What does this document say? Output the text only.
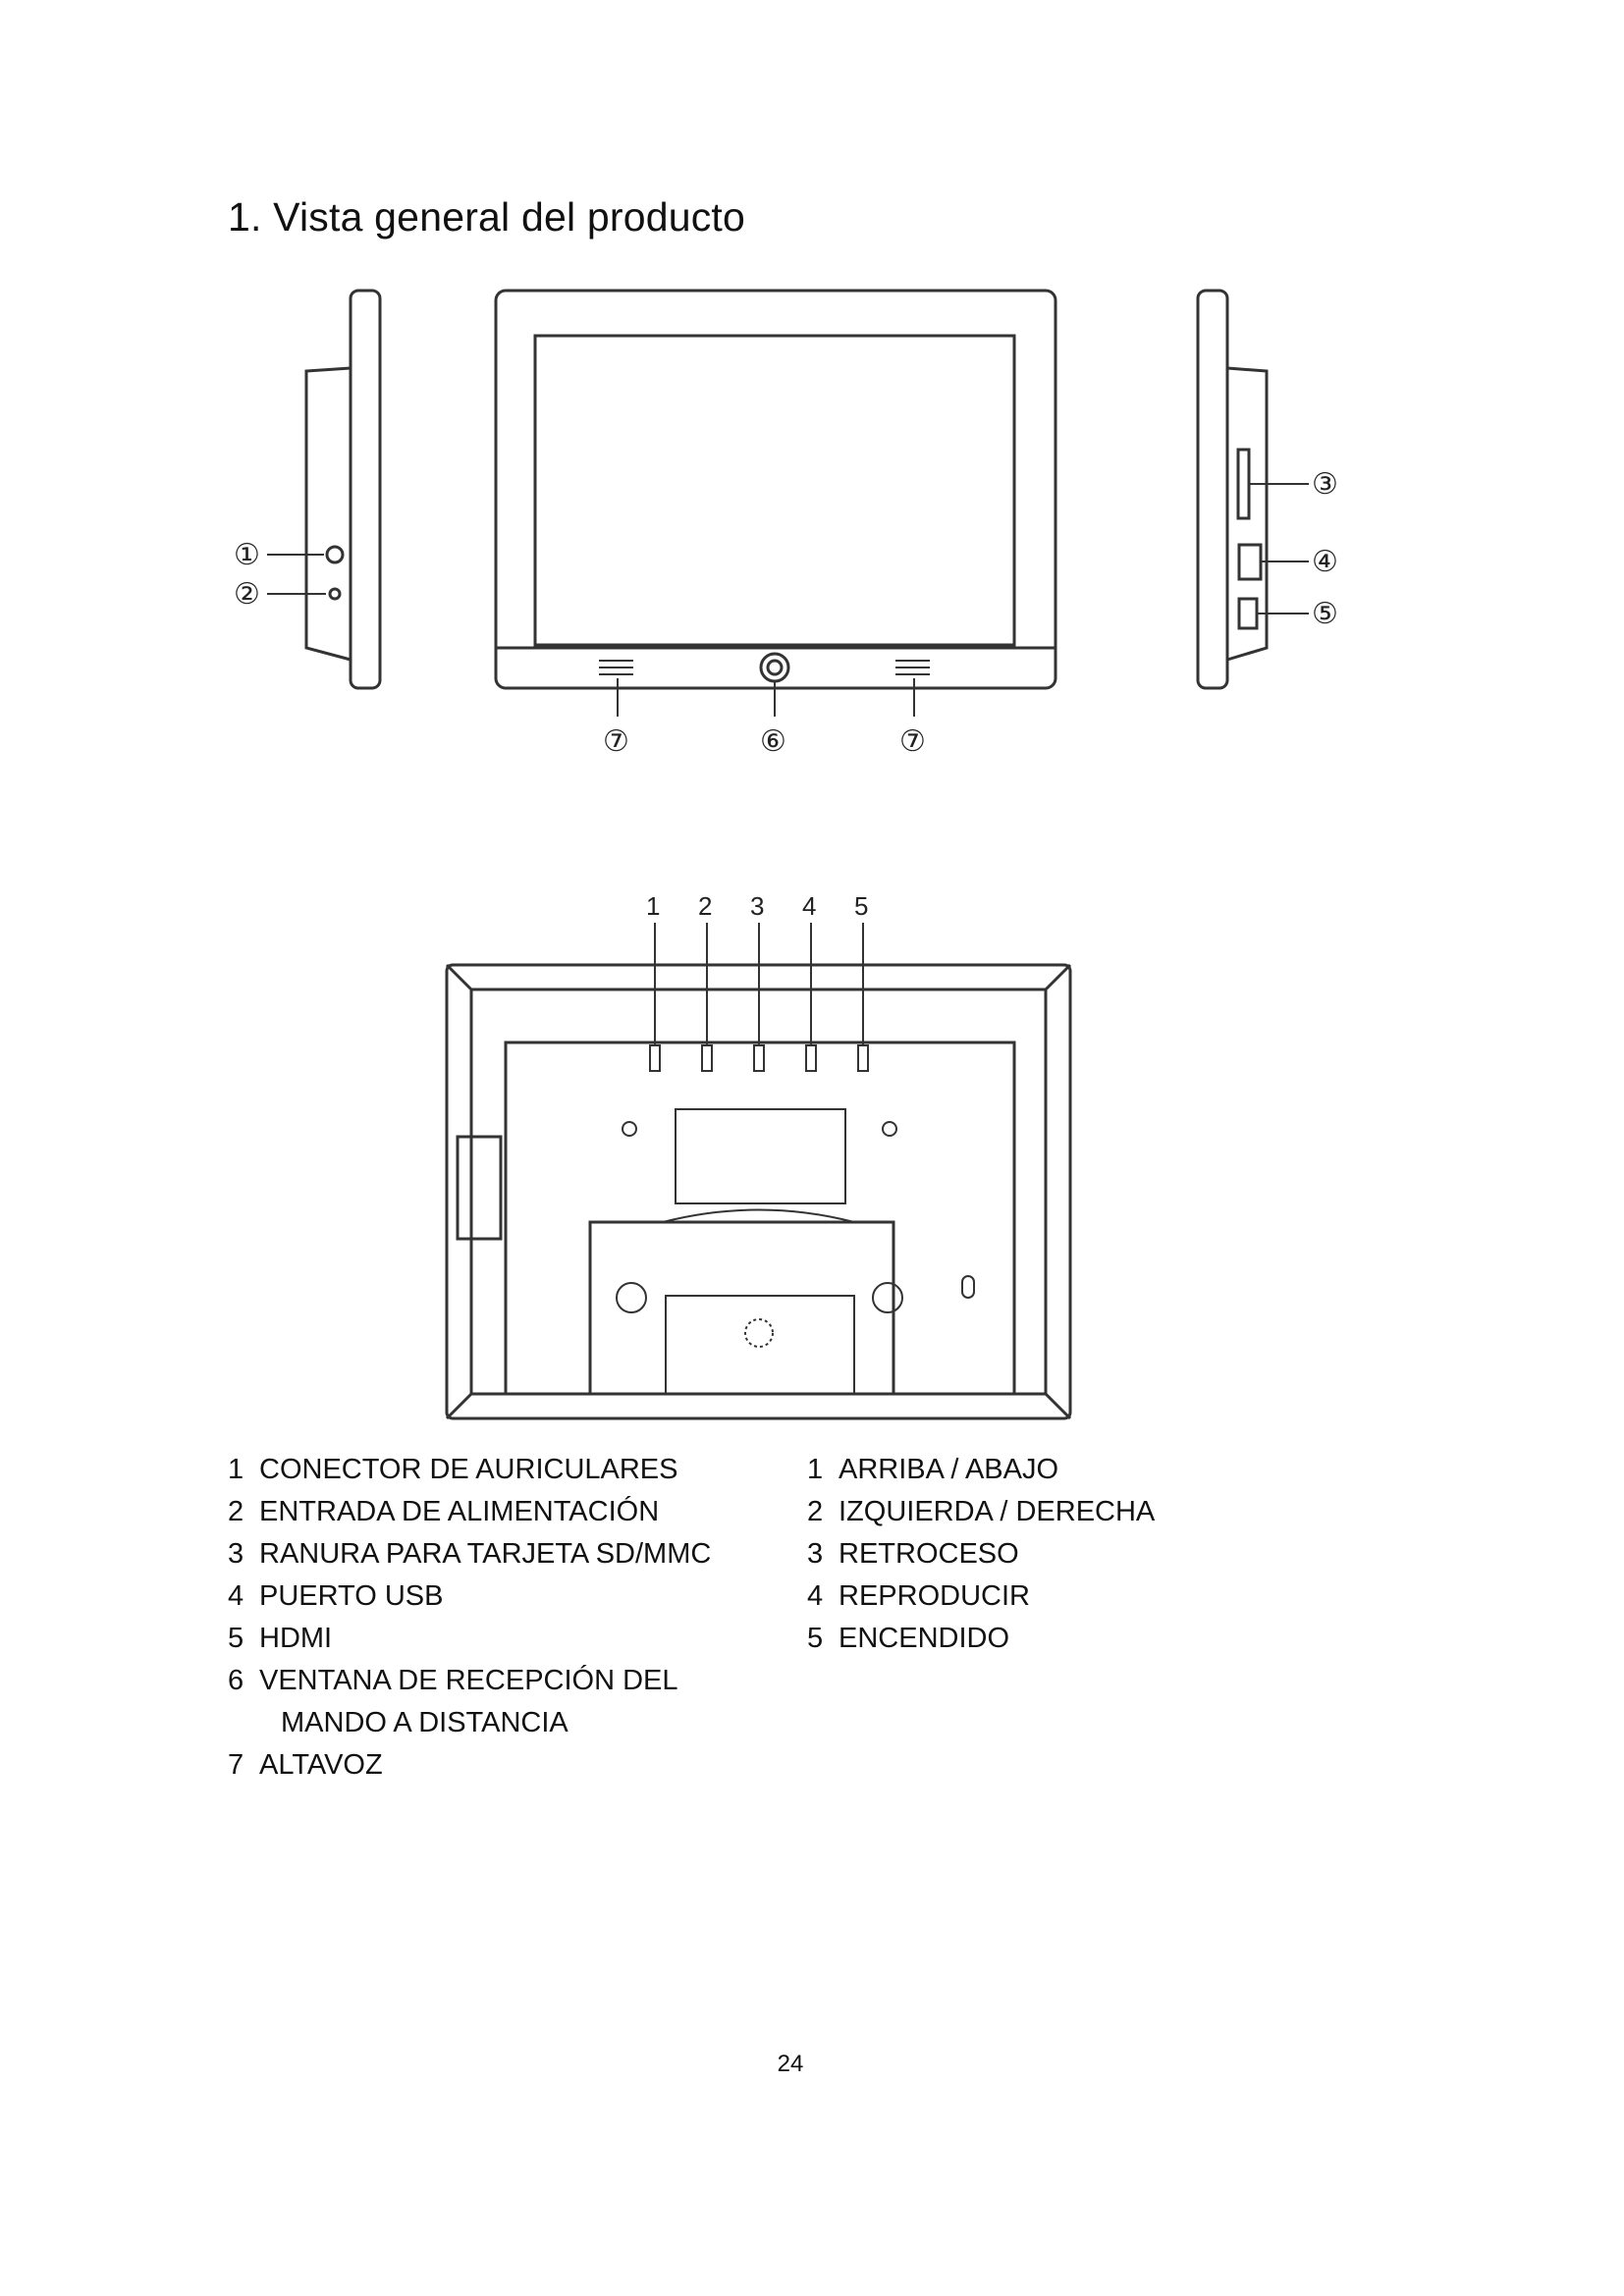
1. Vista general del producto
①
②
③
④
⑤
⑥
⑦	⑦
1 2 3 4 5
1 CONECTOR DE AURICULARES
2 ENTRADA DE ALIMENTACIÓN
3 RANURA PARA TARJETA SD/MMC
4 PUERTO USB
5 HDMI
6 VENTANA DE RECEPCIÓN DEL
MANDO A DISTANCIA
7 ALTAVOZ
1 ARRIBA / ABAJO
2 IZQUIERDA / DERECHA
3 RETROCESO
4 REPRODUCIR
5 ENCENDIDO
24
